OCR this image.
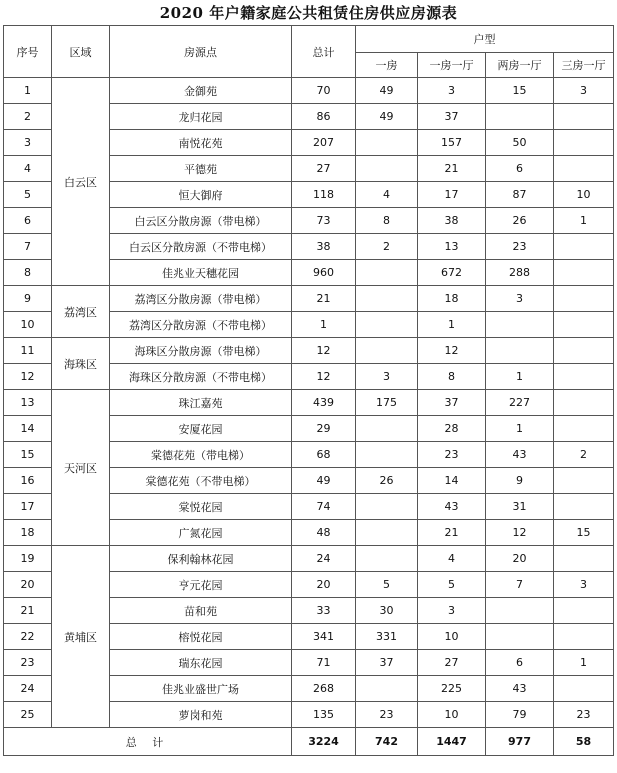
2020 年户籍家庭公共租赁住房供应房源表
序号	区域	房源点	总计	户型			
				一房	一房一厅	两房一厅	三房一厅
1	白云区	金御苑	70	49	3	15	3
2		龙归花园	86	49	37		
3		南悦花苑	207		157	50	
4		平德苑	27		21	6	
5		恒大御府	118	4	17	87	10
6		白云区分散房源（带电梯）	73	8	38	26	1
7		白云区分散房源（不带电梯）	38	2	13	23	
8		佳兆业天穗花园	960		672	288	
9	荔湾区	荔湾区分散房源（带电梯）	21		18	3	
10		荔湾区分散房源（不带电梯）	1		1		
11	海珠区	海珠区分散房源（带电梯）	12		12		
12		海珠区分散房源（不带电梯）	12	3	8	1	
13	天河区	珠江嘉苑	439	175	37	227	
14		安厦花园	29		28	1	
15		棠德花苑（带电梯）	68		23	43	2
16		棠德花苑（不带电梯）	49	26	14	9	
17		棠悦花园	74		43	31	
18		广氮花园	48		21	12	15
19	黄埔区	保利翰林花园	24		4	20	
20		亨元花园	20	5	5	7	3
21		苗和苑	33	30	3		
22		榕悦花园	341	331	10		
23		瑞东花园	71	37	27	6	1
24		佳兆业盛世广场	268		225	43	
25		萝岗和苑	135	23	10	79	23
总 计			3224	742	1447	977	58
